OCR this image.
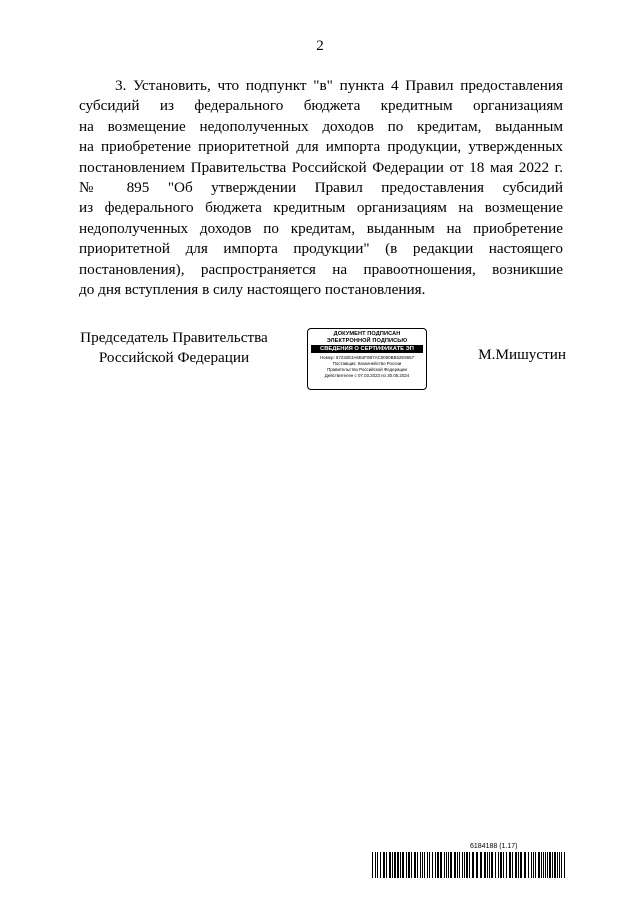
2
3. Установить, что подпункт "в" пункта 4 Правил предоставления
субсидий из федерального бюджета кредитным организациям
на возмещение недополученных доходов по кредитам, выданным
на приобретение приоритетной для импорта продукции, утвержденных
постановлением Правительства Российской Федерации от 18 мая 2022 г.
№ 895 "Об утверждении Правил предоставления субсидий
из федерального бюджета кредитным организациям на возмещение
недополученных доходов по кредитам, выданным на приобретение
приоритетной для импорта продукции" (в редакции настоящего
постановления), распространяется на правоотношения, возникшие
до дня вступления в силу настоящего постановления.
Председатель Правительства
Российской Федерации
ДОКУМЕНТ ПОДПИСАН
ЭЛЕКТРОННОЙ ПОДПИСЬЮ
СВЕДЕНИЯ О СЕРТИФИКАТЕ ЭП
Номер: 57232E3A6B4F0B7AC0000BB52E9657
Поставщик: Казначейство России
Правительство Российской Федерации
Действителен с 07.03.2023 по 30.05.2024
М.Мишустин
6184188 (1.17)
